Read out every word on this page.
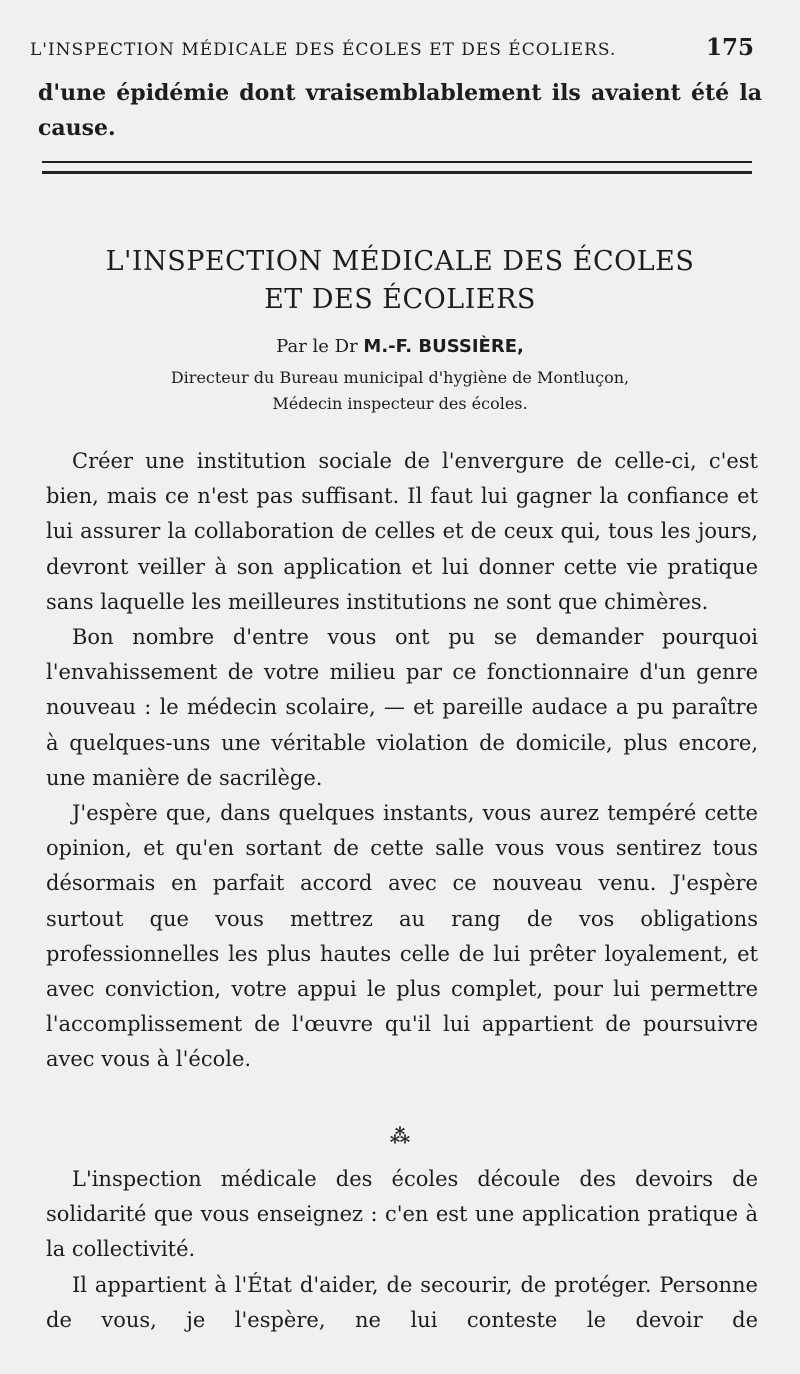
L'INSPECTION MÉDICALE DES ÉCOLES ET DES ÉCOLIERS.	175
d'une épidémie dont vraisemblablement ils avaient été la
cause.
L'INSPECTION MÉDICALE DES ÉCOLES
ET DES ÉCOLIERS
Par le Dr M.-F. BUSSIÈRE,
Directeur du Bureau municipal d'hygiène de Montluçon,
Médecin inspecteur des écoles.

Créer une institution sociale de l'envergure de celle-ci, c'est bien, mais ce n'est pas suffisant. Il faut lui gagner la confiance et lui assurer la collaboration de celles et de ceux qui, tous les jours, devront veiller à son application et lui donner cette vie pratique sans laquelle les meilleures institutions ne sont que chimères.

Bon nombre d'entre vous ont pu se demander pourquoi l'envahissement de votre milieu par ce fonctionnaire d'un genre nouveau : le médecin scolaire, — et pareille audace a pu paraître à quelques-uns une véritable violation de domicile, plus encore, une manière de sacrilège.

J'espère que, dans quelques instants, vous aurez tempéré cette opinion, et qu'en sortant de cette salle vous vous sentirez tous désormais en parfait accord avec ce nouveau venu. J'espère surtout que vous mettrez au rang de vos obligations professionnelles les plus hautes celle de lui prêter loyalement, et avec conviction, votre appui le plus complet, pour lui permettre l'accomplissement de l'œuvre qu'il lui appartient de poursuivre avec vous à l'école.

⁂

L'inspection médicale des écoles découle des devoirs de solidarité que vous enseignez : c'en est une application pratique à la collectivité.

Il appartient à l'État d'aider, de secourir, de protéger. Personne de vous, je l'espère, ne lui conteste le devoir de
